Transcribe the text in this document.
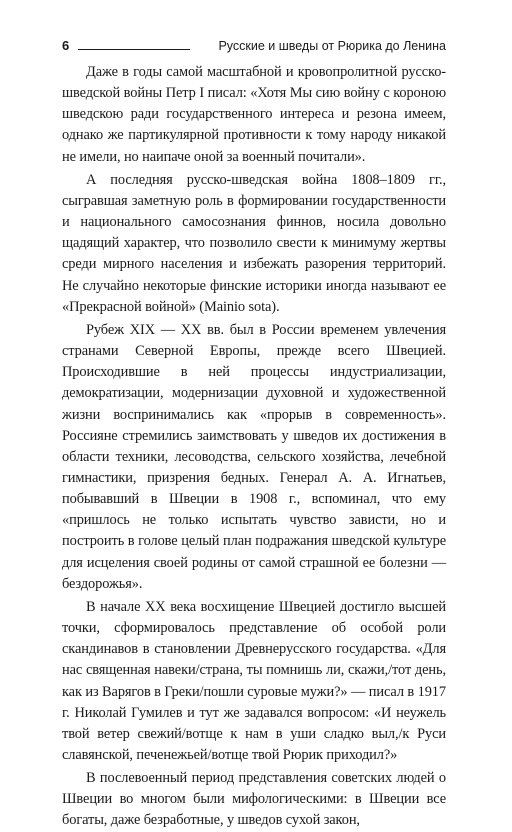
6	Русские и шведы от Рюрика до Ленина

Даже в годы самой масштабной и кровопролитной русско-шведской войны Петр I писал: «Хотя Мы сию войну с короною шведскою ради государственного интереса и резона имеем, однако же партикулярной противности к тому народу никакой не имели, но наипаче оной за военный почитали».

А последняя русско-шведская война 1808–1809 гг., сыгравшая заметную роль в формировании государственности и национального самосознания финнов, носила довольно щадящий характер, что позволило свести к минимуму жертвы среди мирного населения и избежать разорения территорий. Не случайно некоторые финские историки иногда называют ее «Прекрасной войной» (Mainio sota).

Рубеж XIX — XX вв. был в России временем увлечения странами Северной Европы, прежде всего Швецией. Происходившие в ней процессы индустриализации, демократизации, модернизации духовной и художественной жизни воспринимались как «прорыв в современность». Россияне стремились заимствовать у шведов их достижения в области техники, лесоводства, сельского хозяйства, лечебной гимнастики, призрения бедных. Генерал А. А. Игнатьев, побывавший в Швеции в 1908 г., вспоминал, что ему «пришлось не только испытать чувство зависти, но и построить в голове целый план подражания шведской культуре для исцеления своей родины от самой страшной ее болезни — бездорожья».

В начале XX века восхищение Швецией достигло высшей точки, сформировалось представление об особой роли скандинавов в становлении Древнерусского государства. «Для нас священная навеки/страна, ты помнишь ли, скажи,/тот день, как из Варягов в Греки/пошли суровые мужи?» — писал в 1917 г. Николай Гумилев и тут же задавался вопросом: «И неужель твой ветер свежий/вотще к нам в уши сладко выл,/к Руси славянской, печенежьей/вотще твой Рюрик приходил?»

В послевоенный период представления советских людей о Швеции во многом были мифологическими: в Швеции все богаты, даже безработные, у шведов сухой закон,
